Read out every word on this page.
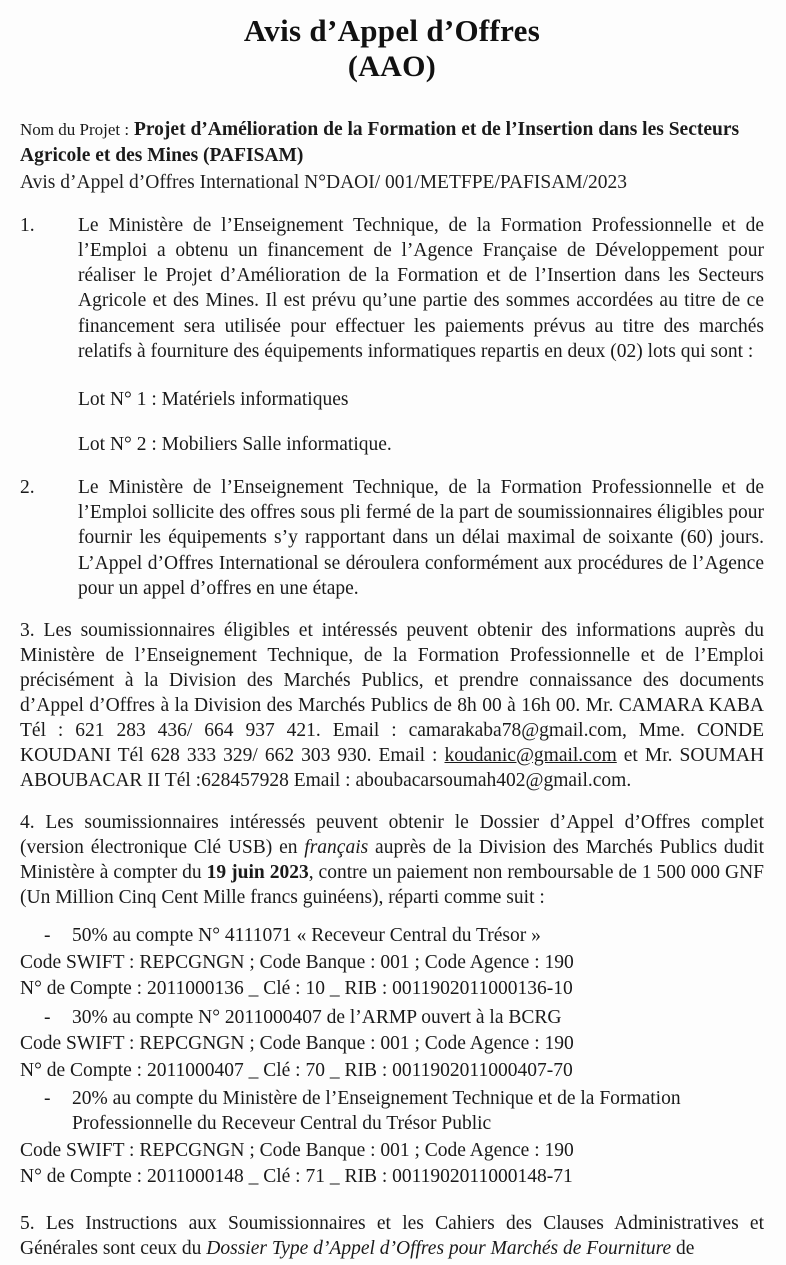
Avis d’Appel d’Offres
(AAO)
Nom du Projet : Projet d’Amélioration de la Formation et de l’Insertion dans les Secteurs Agricole et des Mines (PAFISAM)
Avis d’Appel d’Offres International N°DAOI/ 001/METFPE/PAFISAM/2023
1.	Le Ministère de l’Enseignement Technique, de la Formation Professionnelle et de l’Emploi a obtenu un financement de l’Agence Française de Développement pour réaliser le Projet d’Amélioration de la Formation et de l’Insertion dans les Secteurs Agricole et des Mines. Il est prévu qu’une partie des sommes accordées au titre de ce financement sera utilisée pour effectuer les paiements prévus au titre des marchés relatifs à fourniture des équipements informatiques repartis en deux (02) lots qui sont :
Lot N° 1 : Matériels informatiques
Lot N° 2 : Mobiliers Salle informatique.
2.	Le Ministère de l’Enseignement Technique, de la Formation Professionnelle et de l’Emploi sollicite des offres sous pli fermé de la part de soumissionnaires éligibles pour fournir les équipements s’y rapportant dans un délai maximal de soixante (60) jours. L’Appel d’Offres International se déroulera conformément aux procédures de l’Agence pour un appel d’offres en une étape.
3. Les soumissionnaires éligibles et intéressés peuvent obtenir des informations auprès du Ministère de l’Enseignement Technique, de la Formation Professionnelle et de l’Emploi précisément à la Division des Marchés Publics, et prendre connaissance des documents d’Appel d’Offres à la Division des Marchés Publics de 8h 00 à 16h 00. Mr. CAMARA KABA Tél : 621 283 436/ 664 937 421. Email : camarakaba78@gmail.com, Mme. CONDE KOUDANI Tél 628 333 329/ 662 303 930. Email : koudanic@gmail.com et Mr. SOUMAH ABOUBACAR II Tél :628457928 Email : aboubacarsoumah402@gmail.com.
4. Les soumissionnaires intéressés peuvent obtenir le Dossier d’Appel d’Offres complet (version électronique Clé USB) en français auprès de la Division des Marchés Publics dudit Ministère à compter du 19 juin 2023, contre un paiement non remboursable de 1 500 000 GNF (Un Million Cinq Cent Mille francs guinéens), réparti comme suit :
-	50% au compte N° 4111071 « Receveur Central du Trésor »
Code SWIFT : REPCGNGN ; Code Banque : 001 ; Code Agence : 190
N° de Compte : 2011000136 _ Clé : 10 _ RIB : 0011902011000136-10
-	30% au compte N° 2011000407 de l’ARMP ouvert à la BCRG
Code SWIFT : REPCGNGN ; Code Banque : 001 ; Code Agence : 190
N° de Compte : 2011000407 _ Clé : 70 _ RIB : 0011902011000407-70
-	20% au compte du Ministère de l’Enseignement Technique et de la Formation
Professionnelle du Receveur Central du Trésor Public
Code SWIFT : REPCGNGN ; Code Banque : 001 ; Code Agence : 190
N° de Compte : 2011000148 _ Clé : 71 _ RIB : 0011902011000148-71
5. Les Instructions aux Soumissionnaires et les Cahiers des Clauses Administratives et Générales sont ceux du Dossier Type d’Appel d’Offres pour Marchés de Fourniture de
